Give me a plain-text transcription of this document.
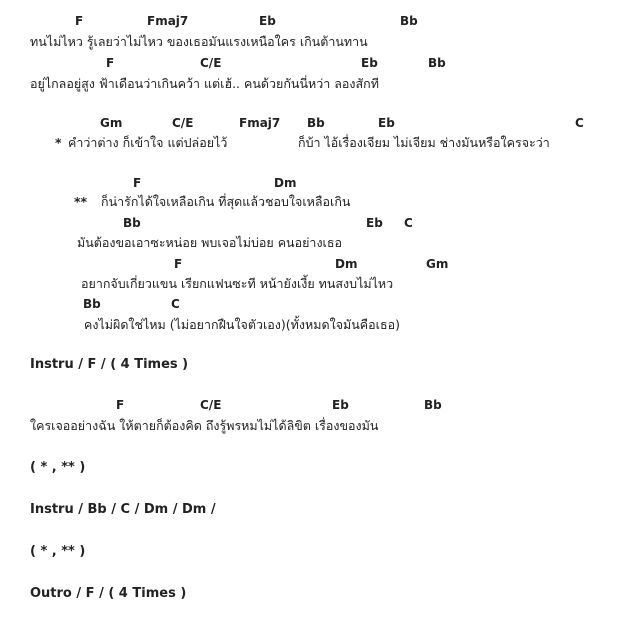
F	Fmaj7	Eb	Bb
ทนไม่ไหว รู้เลยว่าไม่ไหว ของเธอมันแรงเหนือใคร เกินต้านทาน
F	C/E	Eb	Bb
อยู่ไกลอยู่สูง ฟ้าเดือนว่าเกินคว้า แต่เฮ้.. คนด้วยกันนี่หว่า ลองสักที
Gm	C/E	Fmaj7 Bb	Eb	C
* คำว่าต่าง ก็เข้าใจ แต่ปล่อยไว้	ก็บ้า ไอ้เรื่องเจียม ไม่เจียม ช่างมันหรือใครจะว่า
F	Dm
** ก็น่ารักได้ใจเหลือเกิน ที่สุดแล้วชอบใจเหลือเกิน
Bb	Eb C
มันต้องขอเอาซะหน่อย พบเจอไม่บ่อย คนอย่างเธอ
F	Dm	Gm
อยากจับเกี่ยวแขน เรียกแฟนซะที หน้ายังเงี้ย ทนสงบไม่ไหว
Bb	C
คงไม่ผิดใช่ไหม (ไม่อยากฝืนใจตัวเอง)(ทั้งหมดใจมันคือเธอ)
Instru / F / ( 4 Times )
F	C/E	Eb	Bb
ใครเจออย่างฉัน ให้ตายก็ต้องคิด ถึงรู้พรหมไม่ได้ลิขิต เรื่องของมัน
( * , ** )
Instru / Bb / C / Dm / Dm /
( * , ** )
Outro / F / ( 4 Times )
